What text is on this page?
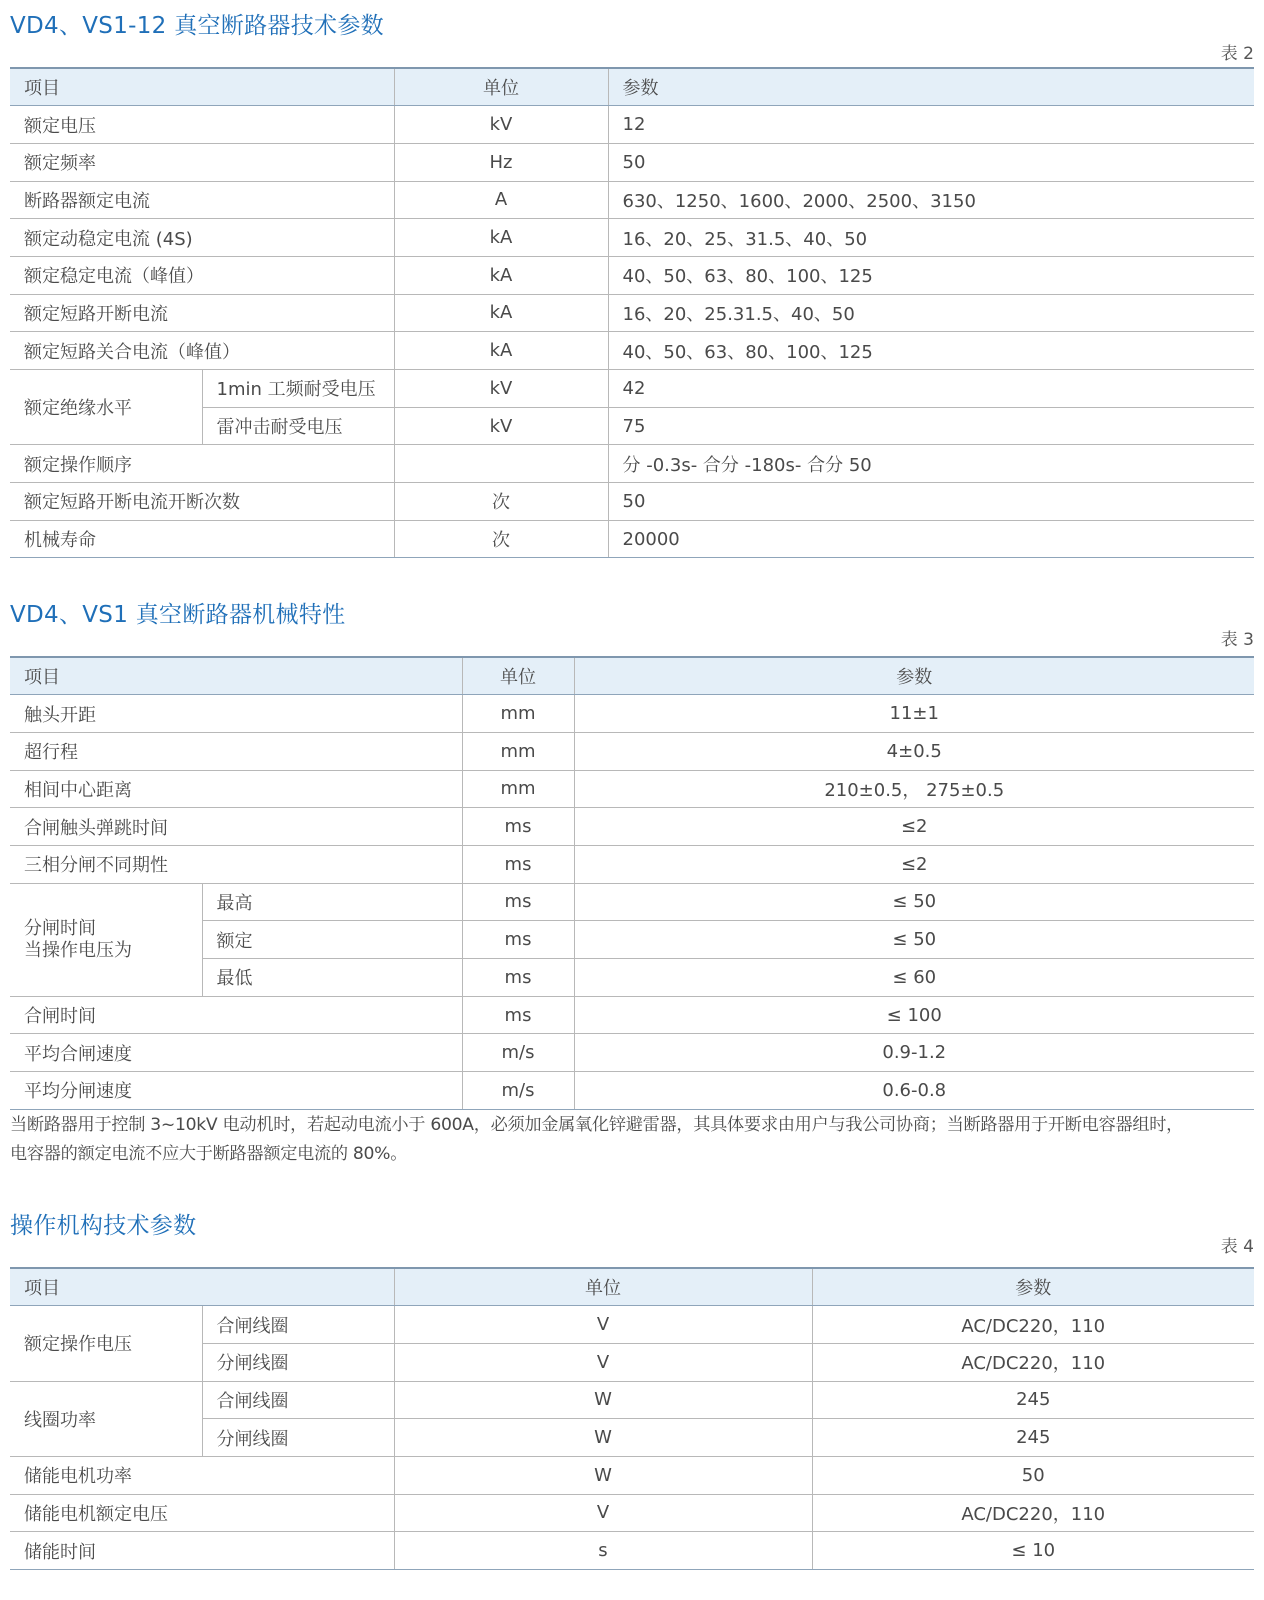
VD4、VS1-12 真空断路器技术参数
表 2
项目		单位	参数
额定电压		kV	12
额定频率		Hz	50
断路器额定电流		A	630、1250、1600、2000、2500、3150
额定动稳定电流 (4S)		kA	16、20、25、31.5、40、50
额定稳定电流（峰值）		kA	40、50、63、80、100、125
额定短路开断电流		kA	16、20、25.31.5、40、50
额定短路关合电流（峰值）		kA	40、50、63、80、100、125
额定绝缘水平	1min 工频耐受电压	kV	42
	雷冲击耐受电压	kV	75
额定操作顺序			分 -0.3s- 合分 -180s- 合分 50
额定短路开断电流开断次数		次	50
机械寿命		次	20000
VD4、VS1 真空断路器机械特性
表 3
项目		单位	参数
触头开距		mm	11±1
超行程		mm	4±0.5
相间中心距离		mm	210±0.5， 275±0.5
合闸触头弹跳时间		ms	≤2
三相分闸不同期性		ms	≤2

分闸时间
当操作电压为	最高	ms	≤ 50
	额定	ms	≤ 50
	最低	ms	≤ 60
合闸时间		ms	≤ 100
平均合闸速度		m/s	0.9-1.2
平均分闸速度		m/s	0.6-0.8
当断路器用于控制 3~10kV 电动机时，若起动电流小于 600A，必须加金属氧化锌避雷器，其具体要求由用户与我公司协商；当断路器用于开断电容器组时，
电容器的额定电流不应大于断路器额定电流的 80%。
操作机构技术参数
表 4
项目		单位	参数
额定操作电压	合闸线圈	V	AC/DC220，110
	分闸线圈	V	AC/DC220，110
线圈功率	合闸线圈	W	245
	分闸线圈	W	245
储能电机功率		W	50
储能电机额定电压		V	AC/DC220，110
储能时间		s	≤ 10
